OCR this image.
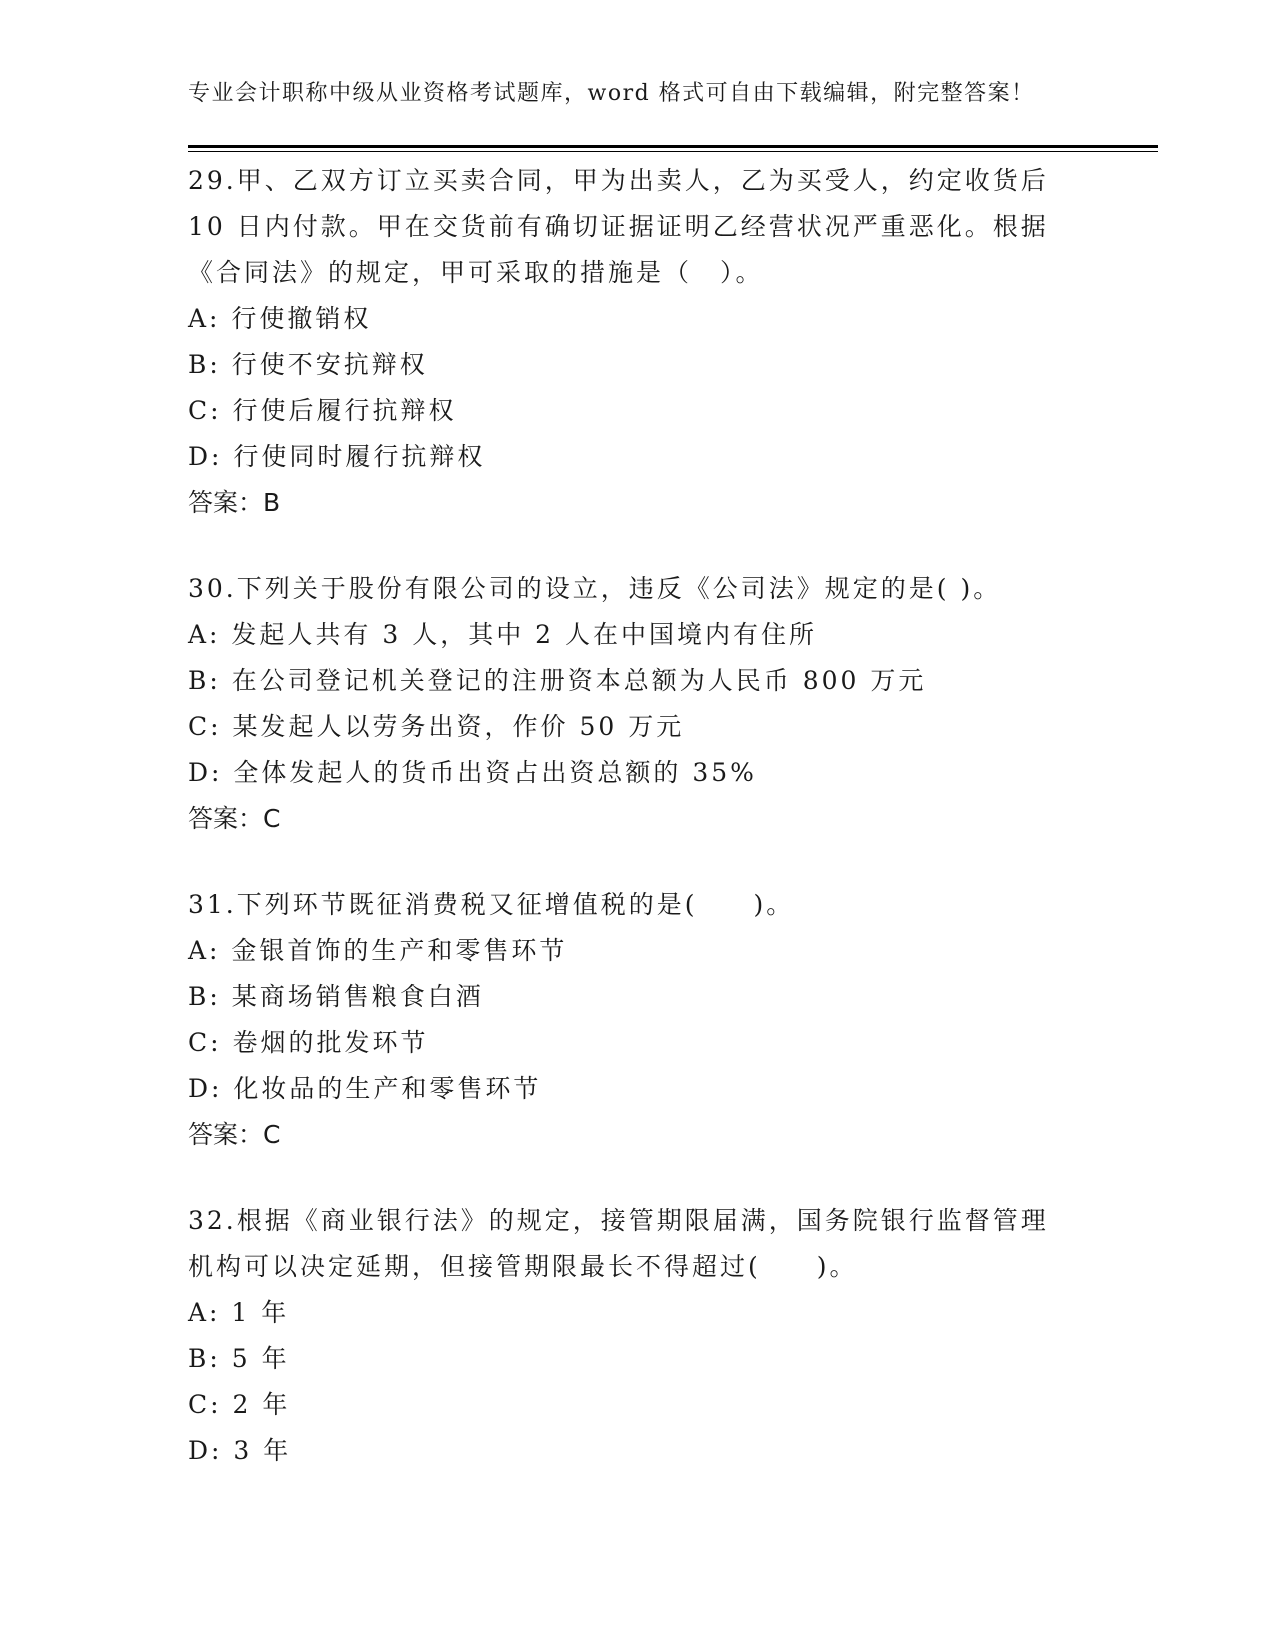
专业会计职称中级从业资格考试题库，word 格式可自由下载编辑，附完整答案！
29.甲、乙双方订立买卖合同，甲为出卖人，乙为买受人，约定收货后
10 日内付款。甲在交货前有确切证据证明乙经营状况严重恶化。根据
《合同法》的规定，甲可采取的措施是（　）。
A: 行使撤销权
B: 行使不安抗辩权
C: 行使后履行抗辩权
D: 行使同时履行抗辩权
答案：B
30.下列关于股份有限公司的设立，违反《公司法》规定的是( )。
A: 发起人共有 3 人，其中 2 人在中国境内有住所
B: 在公司登记机关登记的注册资本总额为人民币 800 万元
C: 某发起人以劳务出资，作价 50 万元
D: 全体发起人的货币出资占出资总额的 35%
答案：C
31.下列环节既征消费税又征增值税的是(　　)。
A: 金银首饰的生产和零售环节
B: 某商场销售粮食白酒
C: 卷烟的批发环节
D: 化妆品的生产和零售环节
答案：C
32.根据《商业银行法》的规定，接管期限届满，国务院银行监督管理
机构可以决定延期，但接管期限最长不得超过(　　)。
A: 1 年
B: 5 年
C: 2 年
D: 3 年
